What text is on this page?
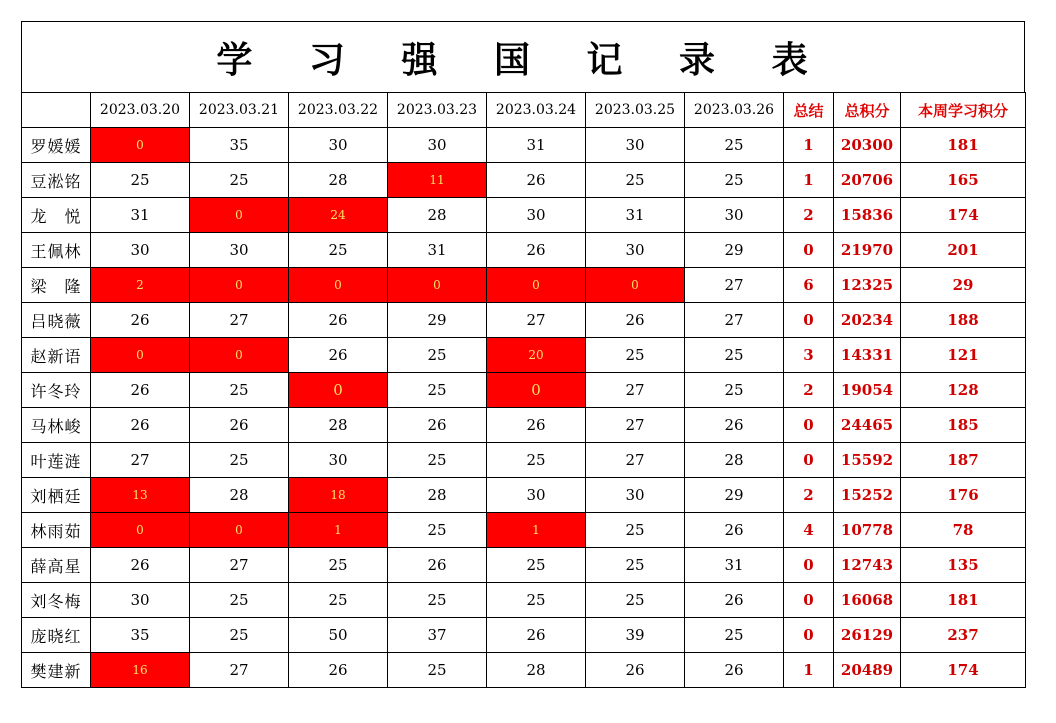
学 习 强 国 记 录 表
	2023.03.20	2023.03.21	2023.03.22	2023.03.23	2023.03.24	2023.03.25	2023.03.26	总结	总积分	本周学习积分
罗媛媛	0	35	30	30	31	30	25	1	20300	181
豆淞铭	25	25	28	11	26	25	25	1	20706	165
龙　悦	31	0	24	28	30	31	30	2	15836	174
王佩林	30	30	25	31	26	30	29	0	21970	201
梁　隆	2	0	0	0	0	0	27	6	12325	29
吕晓薇	26	27	26	29	27	26	27	0	20234	188
赵新语	0	0	26	25	20	25	25	3	14331	121
许冬玲	26	25	0	25	0	27	25	2	19054	128
马林峻	26	26	28	26	26	27	26	0	24465	185
叶莲涟	27	25	30	25	25	27	28	0	15592	187
刘栖廷	13	28	18	28	30	30	29	2	15252	176
林雨茹	0	0	1	25	1	25	26	4	10778	78
薛高星	26	27	25	26	25	25	31	0	12743	135
刘冬梅	30	25	25	25	25	25	26	0	16068	181
庞晓红	35	25	50	37	26	39	25	0	26129	237
樊建新	16	27	26	25	28	26	26	1	20489	174
